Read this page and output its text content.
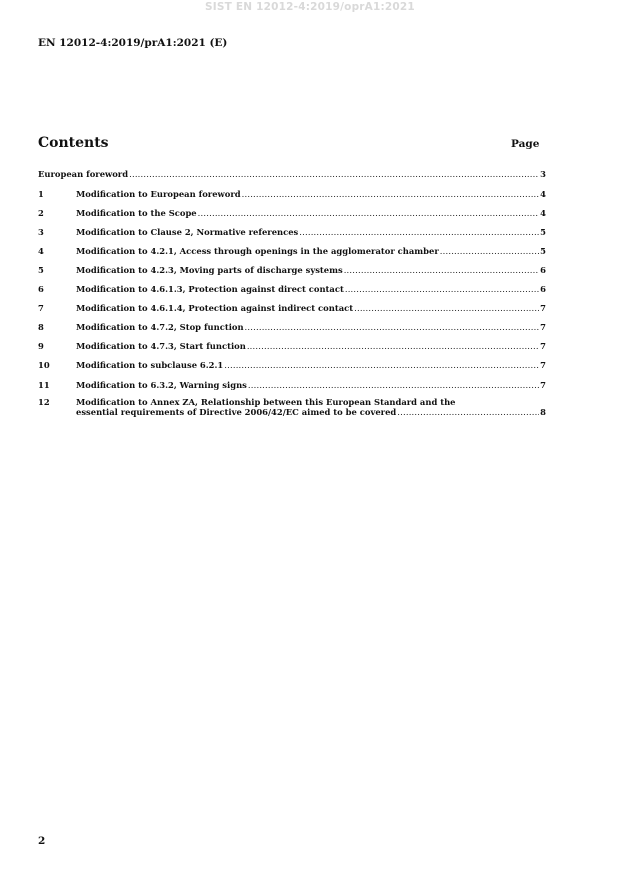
SIST EN 12012-4:2019/oprA1:2021
EN 12012-4:2019/prA1:2021 (E)
Contents	Page
European foreword .....	3
1	Modification to European foreword .....	4
2	Modification to the Scope .....	4
3	Modification to Clause 2, Normative references .....	5
4	Modification to 4.2.1, Access through openings in the agglomerator chamber .....	5
5	Modification to 4.2.3, Moving parts of discharge systems .....	6
6	Modification to 4.6.1.3, Protection against direct contact .....	6
7	Modification to 4.6.1.4, Protection against indirect contact .....	7
8	Modification to 4.7.2, Stop function .....	7
9	Modification to 4.7.3, Start function .....	7
10	Modification to subclause 6.2.1 .....	7
11	Modification to 6.3.2, Warning signs .....	7
12	Modification to Annex ZA, Relationship between this European Standard and the
essential requirements of Directive 2006/42/EC aimed to be covered .....	8
2
